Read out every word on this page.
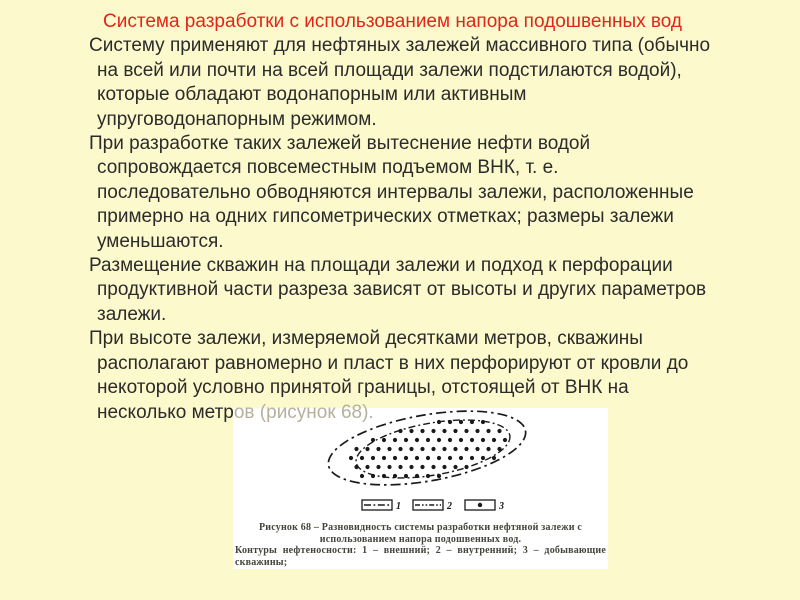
Система разработки с использованием напора подошвенных вод
Систему применяют для нефтяных залежей массивного типа (обычно
на всей или почти на всей площади залежи подстилаются водой),
которые обладают водонапорным или активным
упруговодонапорным режимом.
При разработке таких залежей вытеснение нефти водой
сопровождается повсеместным подъемом ВНК, т. е.
последовательно обводняются интервалы залежи, расположенные
примерно на одних гипсометрических отметках; размеры залежи
уменьшаются.
Размещение скважин на площади залежи и подход к перфорации
продуктивной части разреза зависят от высоты и других параметров
залежи.
При высоте залежи, измеряемой десятками метров, скважины
располагают равномерно и пласт в них перфорируют от кровли до
некоторой условно принятой границы, отстоящей от ВНК на
несколько метров (рисунок 68).
1	2	3
Рисунок 68 – Разновидность системы разработки нефтяной залежи с
использованием напора подошвенных вод.
Контуры нефтеносности: 1 – внешний; 2 – внутренний; 3 – добывающие
скважины;
